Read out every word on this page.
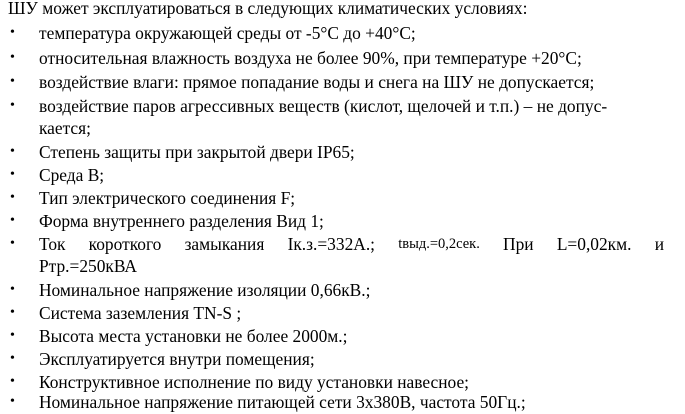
ШУ может эксплуатироваться в следующих климатических условиях:
• температура окружающей среды от -5°С до +40°С;
• относительная влажность воздуха не более 90%, при температуре +20°С;
• воздействие влаги: прямое попадание воды и снега на ШУ не допускается;
• воздействие паров агрессивных веществ (кислот, щелочей и т.п.) – не допус-
кается;
• Степень защиты при закрытой двери IP65;
• Среда В;
• Тип электрического соединения F;
• Форма внутреннего разделения Вид 1;
• Ток короткого замыкания Iк.з.=332А.; tвыд.=0,2сек. При L=0,02км. и
Ртр.=250кВА
• Номинальное напряжение изоляции 0,66кВ.;
• Система заземления TN-S ;
• Высота места установки не более 2000м.;
• Эксплуатируется внутри помещения;
• Конструктивное исполнение по виду установки навесное;
• Номинальное напряжение питающей сети 3х380В, частота 50Гц.;
